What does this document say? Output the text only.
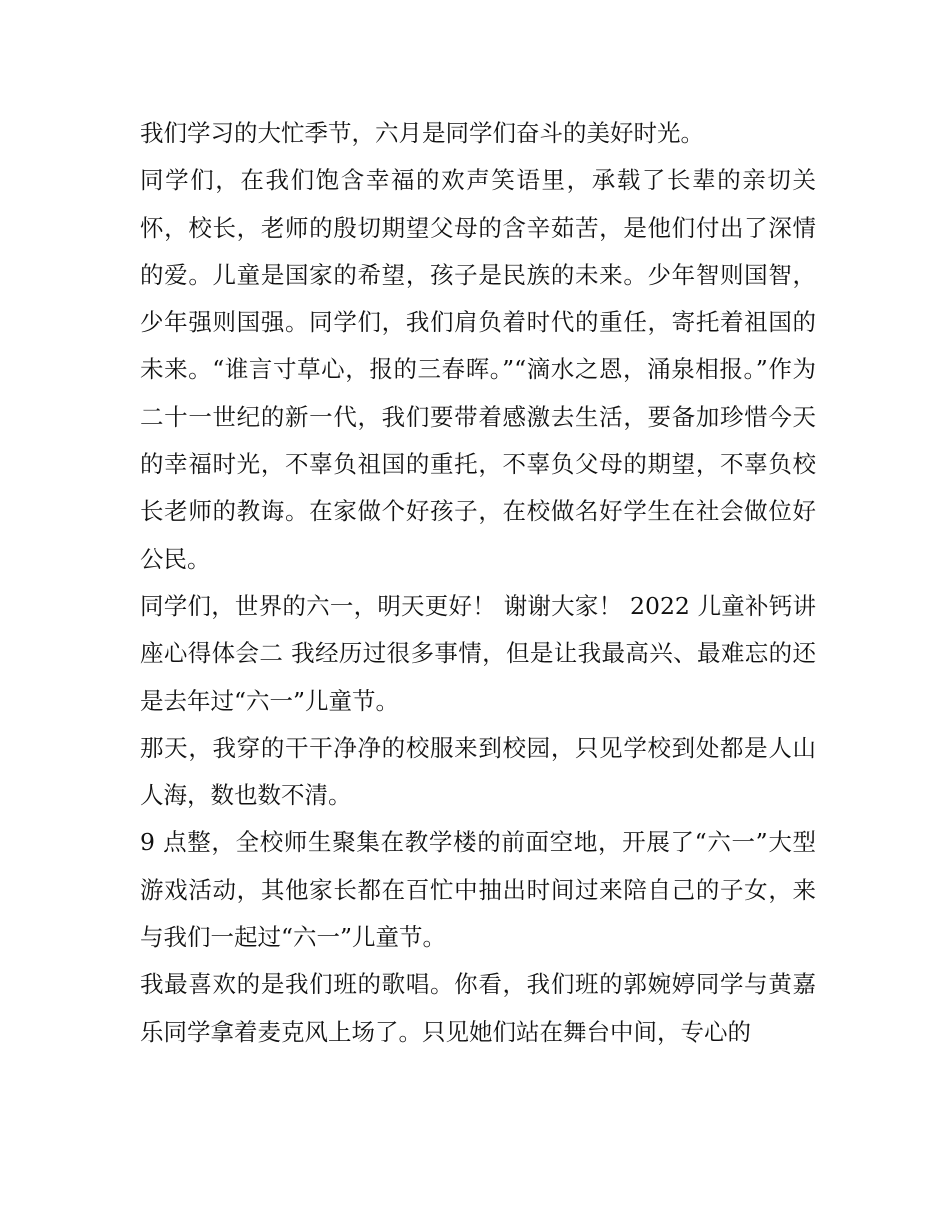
我们学习的大忙季节，六月是同学们奋斗的美好时光。

同学们，在我们饱含幸福的欢声笑语里，承载了长辈的亲切关怀，校长，老师的殷切期望父母的含辛茹苦，是他们付出了深情的爱。儿童是国家的希望，孩子是民族的未来。少年智则国智，少年强则国强。同学们，我们肩负着时代的重任，寄托着祖国的未来。“谁言寸草心，报的三春晖。”“滴水之恩，涌泉相报。”作为二十一世纪的新一代，我们要带着感激去生活，要备加珍惜今天的幸福时光，不辜负祖国的重托，不辜负父母的期望，不辜负校长老师的教诲。在家做个好孩子，在校做名好学生在社会做位好公民。

同学们，世界的六一，明天更好！ 谢谢大家！ 2022 儿童补钙讲座心得体会二 我经历过很多事情，但是让我最高兴、最难忘的还是去年过“六一”儿童节。

那天，我穿的干干净净的校服来到校园，只见学校到处都是人山人海，数也数不清。

9 点整，全校师生聚集在教学楼的前面空地，开展了“六一”大型游戏活动，其他家长都在百忙中抽出时间过来陪自己的子女，来与我们一起过“六一”儿童节。

我最喜欢的是我们班的歌唱。你看，我们班的郭婉婷同学与黄嘉乐同学拿着麦克风上场了。只见她们站在舞台中间，专心的
